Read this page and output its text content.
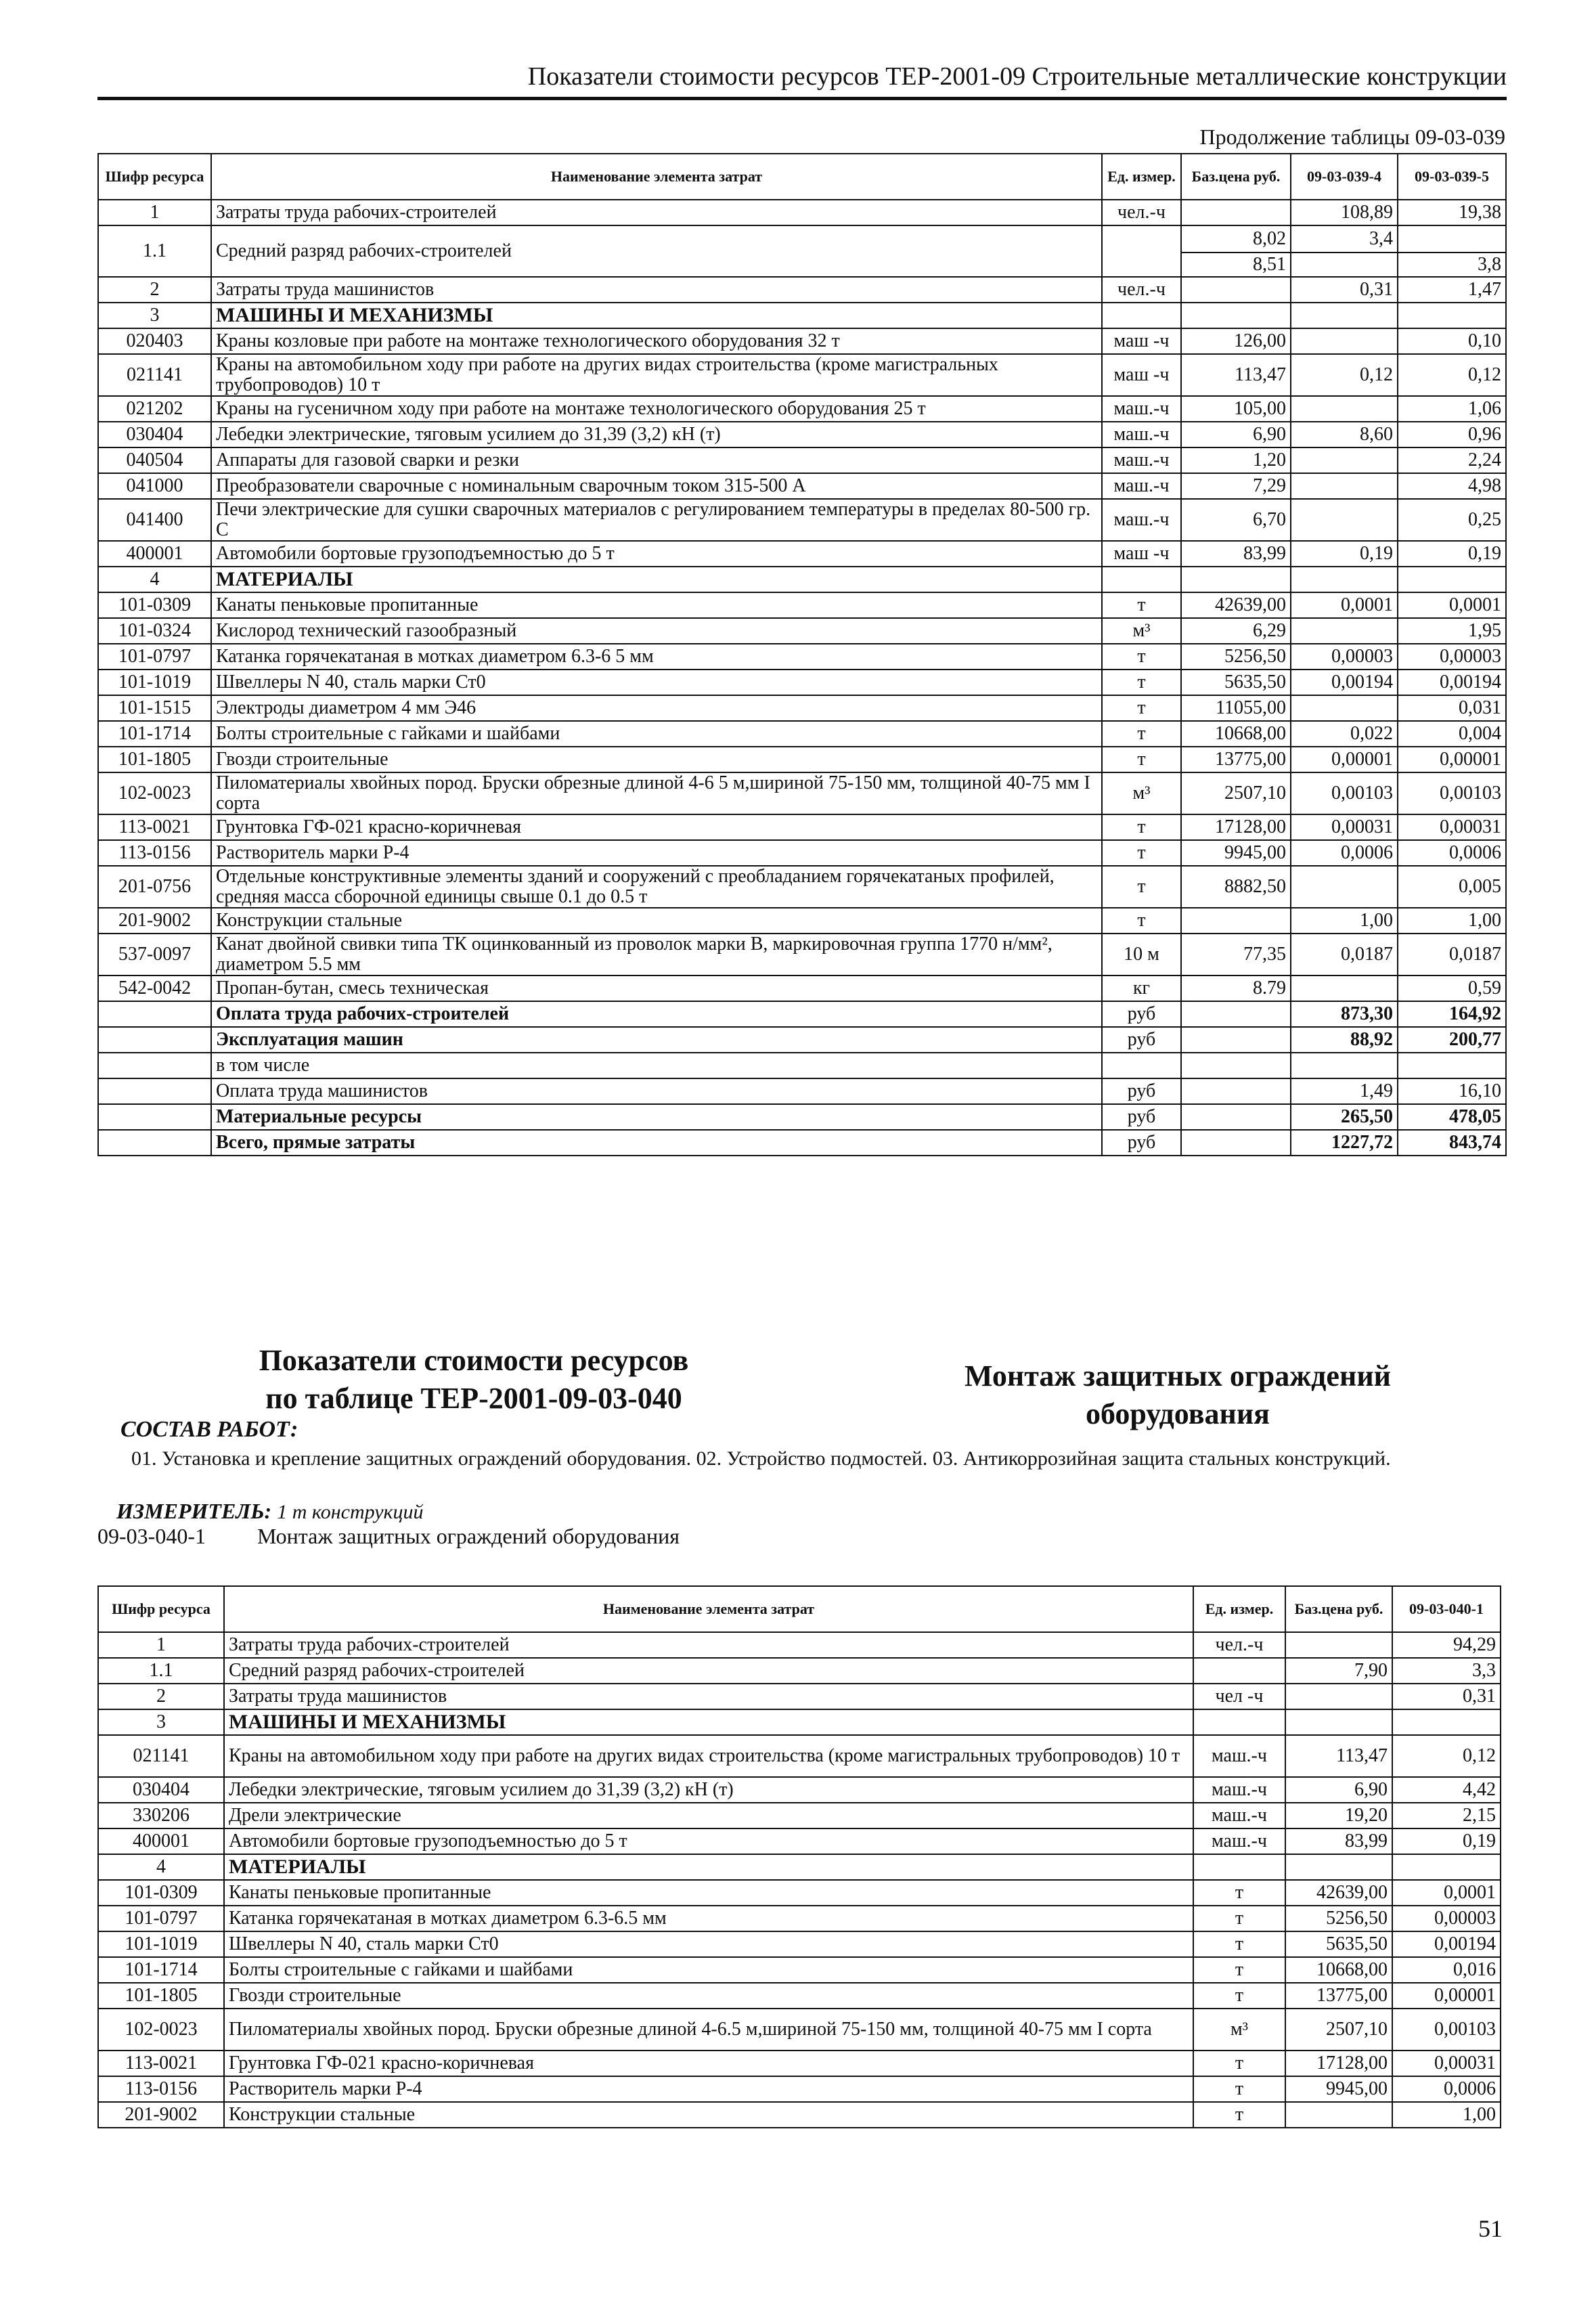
Показатели стоимости ресурсов ТЕР-2001-09 Строительные металлические конструкции
Продолжение таблицы 09-03-039
Шифр ресурса	Наименование элемента затрат	Ед. измер.	Баз.цена руб.	09-03-039-4	09-03-039-5
1	Затраты труда рабочих-строителей	чел.-ч		108,89	19,38
1.1	Средний разряд рабочих-строителей		8,02	3,4	
			8,51		3,8
2	Затраты труда машинистов	чел.-ч		0,31	1,47
3	МАШИНЫ И МЕХАНИЗМЫ				
020403	Краны козловые при работе на монтаже технологического оборудования 32 т	маш -ч	126,00		0,10
021141	Краны на автомобильном ходу при работе на других видах строительства (кроме магистральных трубопроводов) 10 т	маш -ч	113,47	0,12	0,12
021202	Краны на гусеничном ходу при работе на монтаже технологического оборудования 25 т	маш.-ч	105,00		1,06
030404	Лебедки электрические, тяговым усилием до 31,39 (3,2) кН (т)	маш.-ч	6,90	8,60	0,96
040504	Аппараты для газовой сварки и резки	маш.-ч	1,20		2,24
041000	Преобразователи сварочные с номинальным сварочным током 315-500 А	маш.-ч	7,29		4,98
041400	Печи электрические для сушки сварочных материалов с регулированием температуры в пределах 80-500 гр. С	маш.-ч	6,70		0,25
400001	Автомобили бортовые грузоподъемностью до 5 т	маш -ч	83,99	0,19	0,19
4	МАТЕРИАЛЫ				
101-0309	Канаты пеньковые пропитанные	т	42639,00	0,0001	0,0001
101-0324	Кислород технический газообразный	м³	6,29		1,95
101-0797	Катанка горячекатаная в мотках диаметром 6.3-6 5 мм	т	5256,50	0,00003	0,00003
101-1019	Швеллеры N 40, сталь марки Ст0	т	5635,50	0,00194	0,00194
101-1515	Электроды диаметром 4 мм Э46	т	11055,00		0,031
101-1714	Болты строительные с гайками и шайбами	т	10668,00	0,022	0,004
101-1805	Гвозди строительные	т	13775,00	0,00001	0,00001
102-0023	Пиломатериалы хвойных пород. Бруски обрезные длиной 4-6 5 м,шириной 75-150 мм, толщиной 40-75 мм I сорта	м³	2507,10	0,00103	0,00103
113-0021	Грунтовка ГФ-021 красно-коричневая	т	17128,00	0,00031	0,00031
113-0156	Растворитель марки Р-4	т	9945,00	0,0006	0,0006
201-0756	Отдельные конструктивные элементы зданий и сооружений с преобладанием горячекатаных профилей, средняя масса сборочной единицы свыше 0.1 до 0.5 т	т	8882,50		0,005
201-9002	Конструкции стальные	т		1,00	1,00
537-0097	Канат двойной свивки типа ТК оцинкованный из проволок марки В, маркировочная группа 1770 н/мм², диаметром 5.5 мм	10 м	77,35	0,0187	0,0187
542-0042	Пропан-бутан, смесь техническая	кг	8.79		0,59
	Оплата труда рабочих-строителей	руб		873,30	164,92
	Эксплуатация машин	руб		88,92	200,77
	в том числе				
	Оплата труда машинистов	руб		1,49	16,10
	Материальные ресурсы	руб		265,50	478,05
	Всего, прямые затраты	руб		1227,72	843,74
Показатели стоимости ресурсов
по таблице ТЕР-2001-09-03-040
Монтаж защитных ограждений оборудования
СОСТАВ РАБОТ:
01. Установка и крепление защитных ограждений оборудования. 02. Устройство подмостей. 03. Антикоррозийная защита стальных конструкций.
ИЗМЕРИТЕЛЬ: 1 т конструкций
09-03-040-1 Монтаж защитных ограждений оборудования
Шифр ресурса	Наименование элемента затрат	Ед. измер.	Баз.цена руб.	09-03-040-1
1	Затраты труда рабочих-строителей	чел.-ч		94,29
1.1	Средний разряд рабочих-строителей		7,90	3,3
2	Затраты труда машинистов	чел -ч		0,31
3	МАШИНЫ И МЕХАНИЗМЫ			
021141	Краны на автомобильном ходу при работе на других видах строительства (кроме магистральных трубопроводов) 10 т	маш.-ч	113,47	0,12
030404	Лебедки электрические, тяговым усилием до 31,39 (3,2) кН (т)	маш.-ч	6,90	4,42
330206	Дрели электрические	маш.-ч	19,20	2,15
400001	Автомобили бортовые грузоподъемностью до 5 т	маш.-ч	83,99	0,19
4	МАТЕРИАЛЫ			
101-0309	Канаты пеньковые пропитанные	т	42639,00	0,0001
101-0797	Катанка горячекатаная в мотках диаметром 6.3-6.5 мм	т	5256,50	0,00003
101-1019	Швеллеры N 40, сталь марки Ст0	т	5635,50	0,00194
101-1714	Болты строительные с гайками и шайбами	т	10668,00	0,016
101-1805	Гвозди строительные	т	13775,00	0,00001
102-0023	Пиломатериалы хвойных пород. Бруски обрезные длиной 4-6.5 м,шириной 75-150 мм, толщиной 40-75 мм I сорта	м³	2507,10	0,00103
113-0021	Грунтовка ГФ-021 красно-коричневая	т	17128,00	0,00031
113-0156	Растворитель марки Р-4	т	9945,00	0,0006
201-9002	Конструкции стальные	т		1,00
51
